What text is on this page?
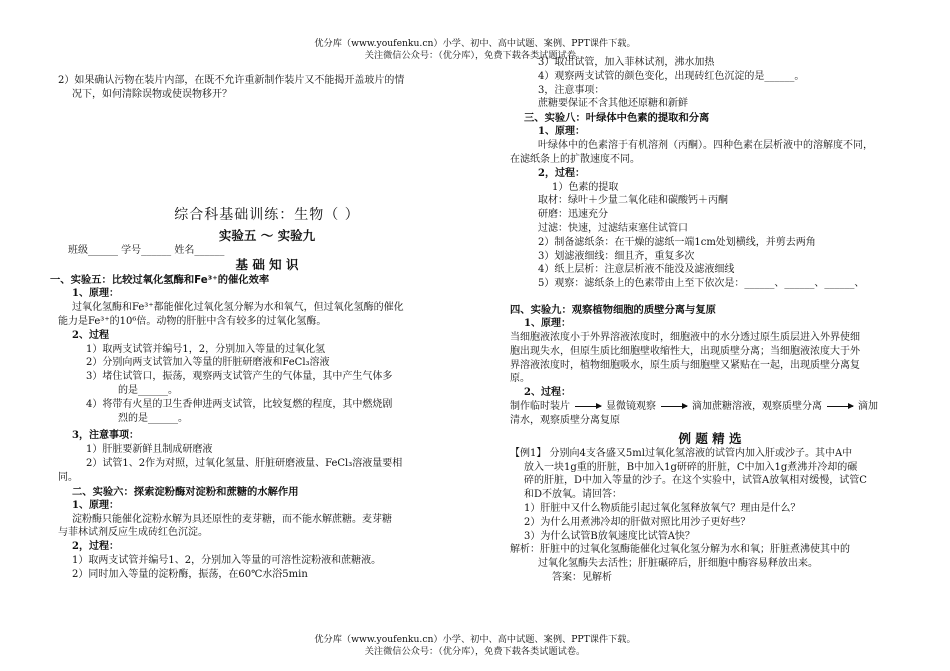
优分库（www.youfenku.cn）小学、初中、高中试题、案例、PPT课件下载。

关注微信公众号：（优分库），免费下载各类试题试卷。

2）如果确认污物在装片内部，在既不允许重新制作装片又不能揭开盖玻片的情

况下，如何清除误物或使误物移开？

综合科基础训练：生物（ ）

实验五 ～ 实验九

班级______ 学号______ 姓名______

基 础 知 识

一、实验五：比较过氧化氢酶和Fe³⁺的催化效率

1、原理：

过氧化氢酶和Fe³⁺都能催化过氧化氢分解为水和氧气，但过氧化氢酶的催化

能力是Fe³⁺的10⁶倍。动物的肝脏中含有较多的过氧化氢酶。

2、过程

1）取两支试管并编号1，2，分别加入等量的过氧化氢

2）分别向两支试管加入等量的肝脏研磨液和FeCl₃溶液

3）堵住试管口，振荡，观察两支试管产生的气体量，其中产生气体多

的是______。

4）将带有火星的卫生香伸进两支试管，比较复燃的程度，其中燃烧剧

烈的是______。

3，注意事项：

1）肝脏要新鲜且制成研磨液

2）试管1、2作为对照，过氧化氢量、肝脏研磨液量、FeCl₃溶液量要相

同。

二、实验六：探索淀粉酶对淀粉和蔗糖的水解作用

1、原理：

淀粉酶只能催化淀粉水解为具还原性的麦芽糖，而不能水解蔗糖。麦芽糖

与菲林试剂反应生成砖红色沉淀。

2，过程：

1）取两支试管并编号1、2，分别加入等量的可溶性淀粉液和蔗糖液。

2）同时加入等量的淀粉酶，振荡，在60℃水浴5min

3）取出试管，加入菲林试剂，沸水加热

4）观察两支试管的颜色变化，出现砖红色沉淀的是______。

3，注意事项：

蔗糖要保证不含其他还原糖和新鲜

三、实验八：叶绿体中色素的提取和分离

1、原理：

叶绿体中的色素溶于有机溶剂（丙酮）。四种色素在层析液中的溶解度不同，

在滤纸条上的扩散速度不同。

2，过程：

1）色素的提取

取材：绿叶＋少量二氧化硅和碳酸钙＋丙酮

研磨：迅速充分

过滤：快速，过滤结束塞住试管口

2）制备滤纸条：在干燥的滤纸一端1cm处划横线，并剪去两角

3）划滤液细线：细且齐，重复多次

4）纸上层析：注意层析液不能没及滤液细线

5）观察：滤纸条上的色素带由上至下依次是：______、______、______、

四、实验九：观察植物细胞的质壁分离与复原

1、原理：

当细胞液浓度小于外界溶液浓度时，细胞液中的水分透过原生质层进入外界使细

胞出现失水，但原生质比细胞壁收缩性大，出现质壁分离；当细胞液浓度大于外

界溶液浓度时，植物细胞吸水，原生质与细胞壁又紧贴在一起，出现质壁分离复

原。

2、过程：

制作临时装片	显微镜观察	滴加蔗糖溶液，观察质壁分离	滴加

清水，观察质壁分离复原

例 题 精 选

【例1】 分别向4支各盛又5ml过氧化氢溶液的试管内加入肝或沙子。其中A中

放入一块1g重的肝脏，B中加入1g研碎的肝脏，C中加入1g煮沸并冷却的碾

碎的肝脏，D中加入等量的沙子。在这个实验中，试管A放氧相对缓慢，试管C

和D不放氧。请回答：

1）肝脏中又什么物质能引起过氧化氢释放氧气？理由是什么？

2）为什么用煮沸冷却的肝做对照比用沙子更好些？

3）为什么试管B放氧速度比试管A快？

解析：肝脏中的过氧化氢酶能催化过氧化氢分解为水和氧；肝脏煮沸使其中的

过氧化氢酶失去活性；肝脏碾碎后，肝细胞中酶容易释放出来。

答案：见解析

优分库（www.youfenku.cn）小学、初中、高中试题、案例、PPT课件下载。

关注微信公众号：（优分库），免费下载各类试题试卷。
